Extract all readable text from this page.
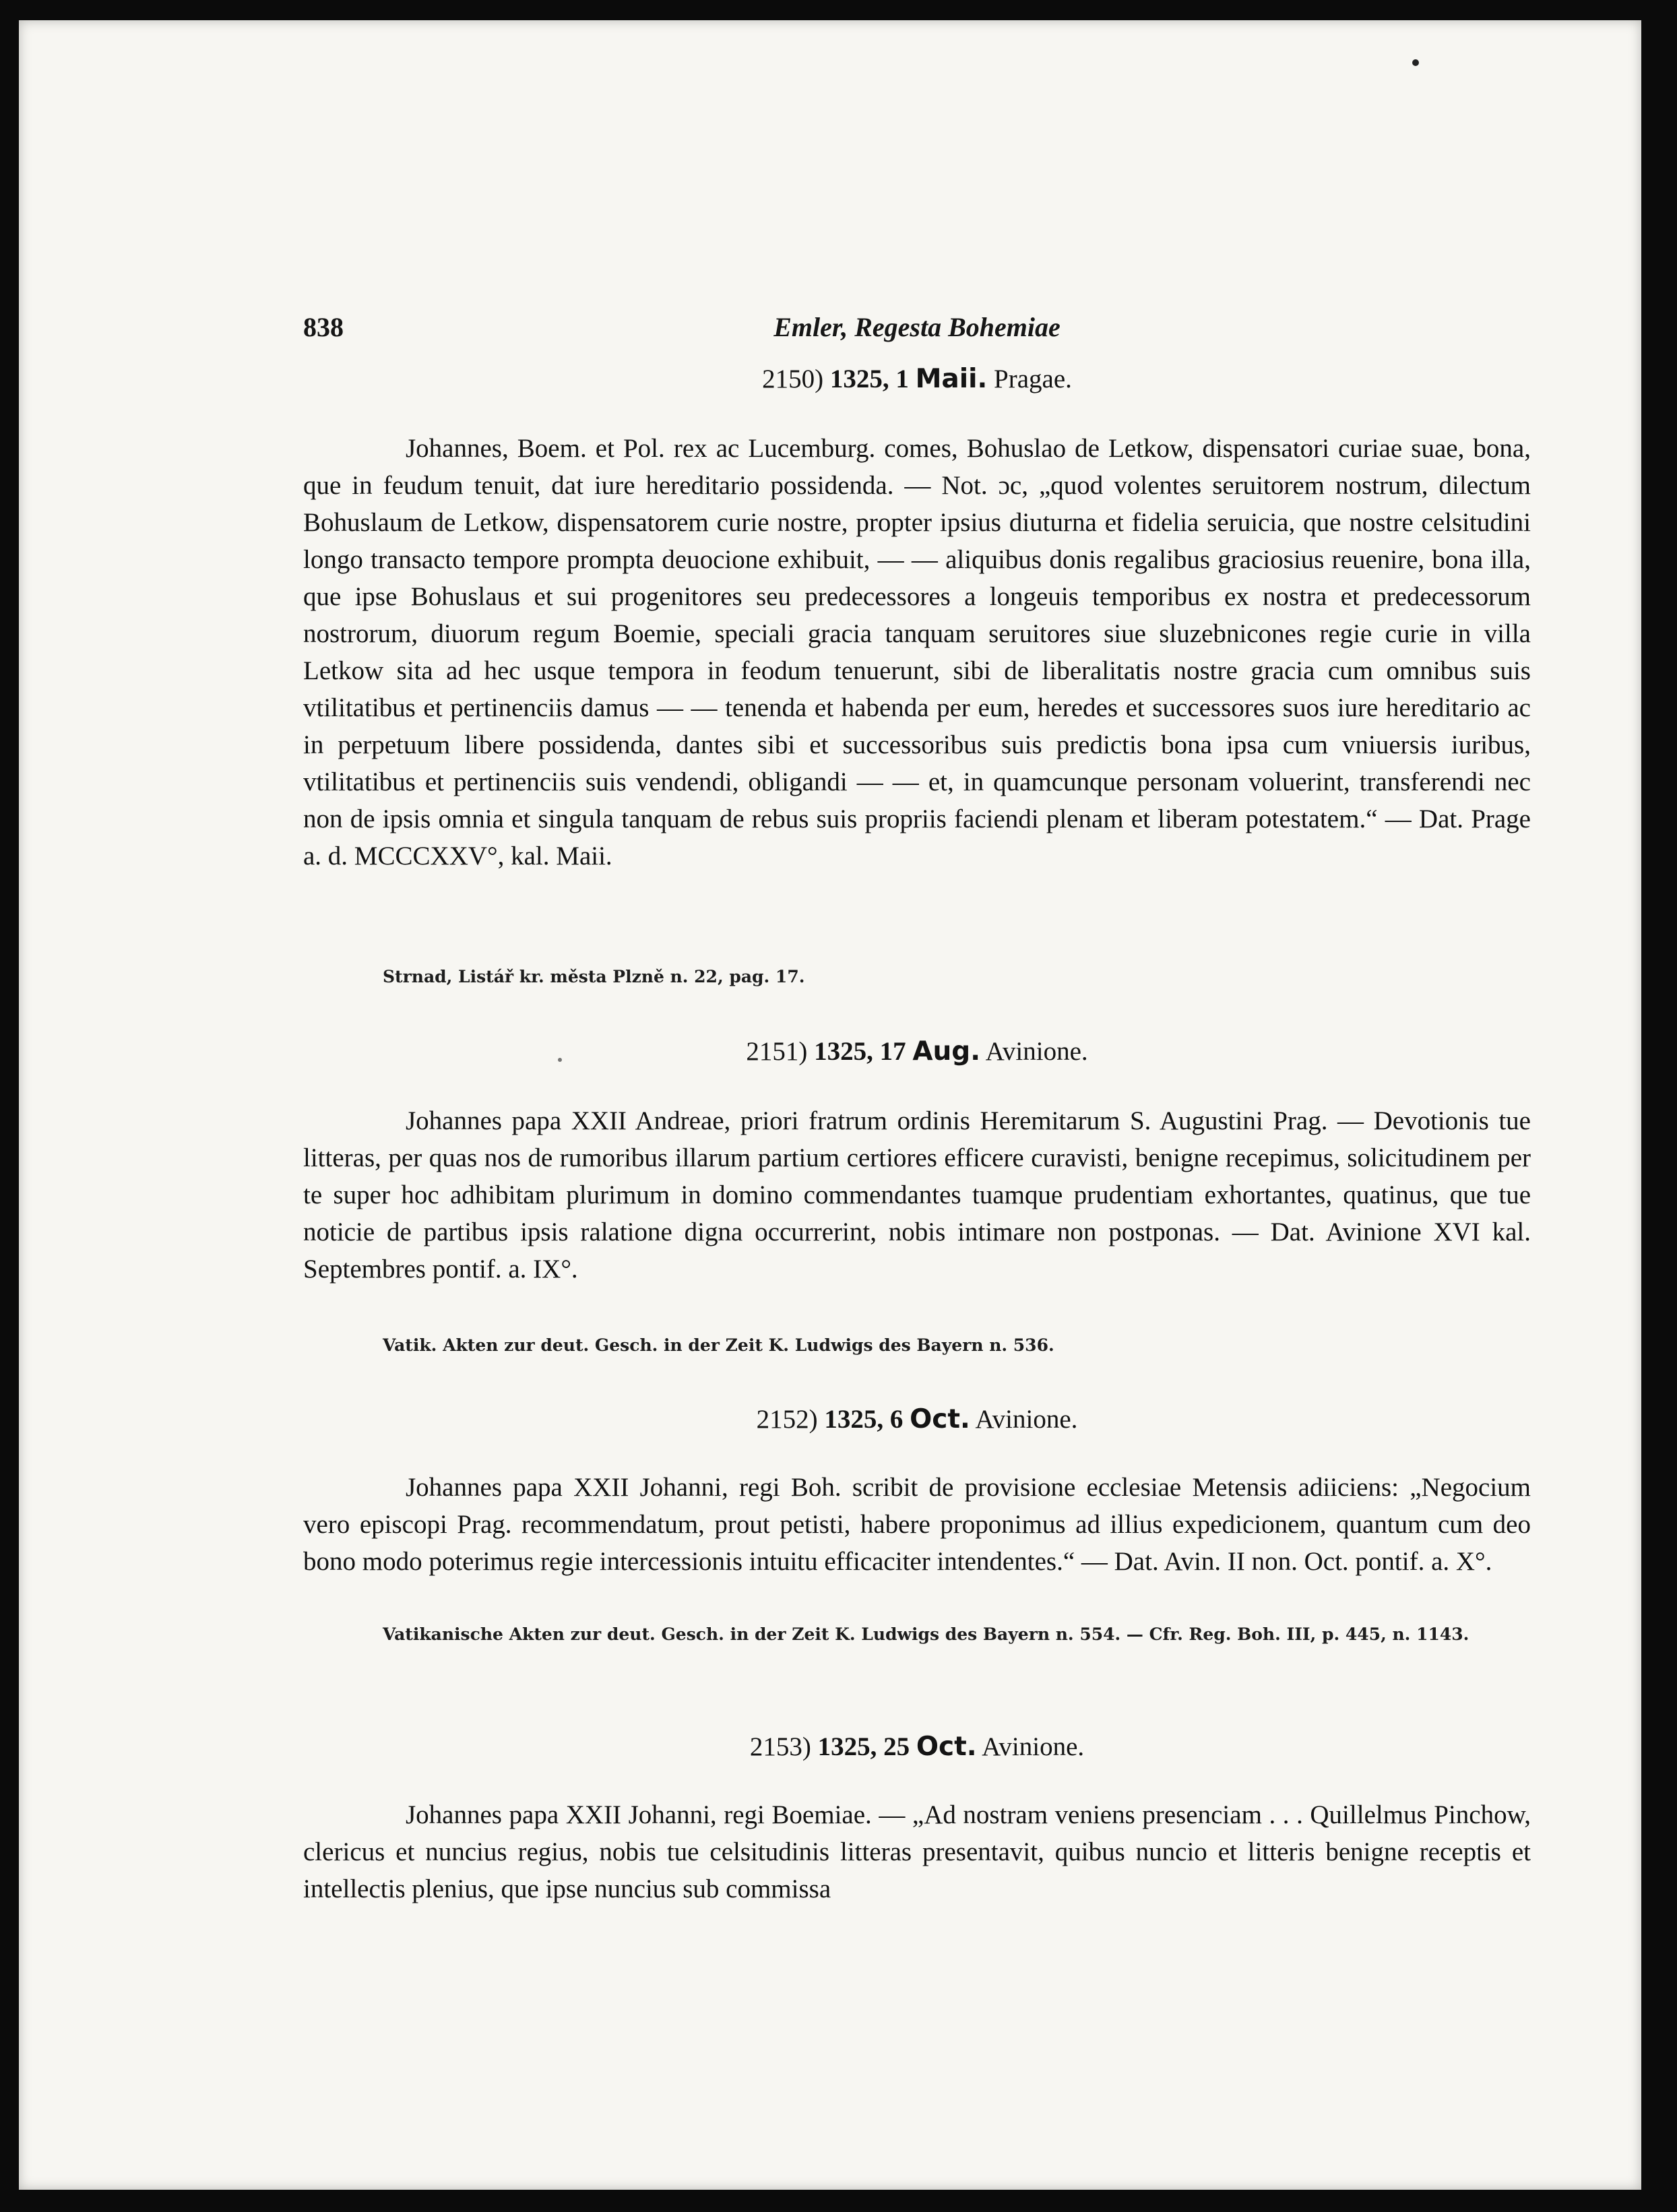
838	Emler, Regesta Bohemiae
2150) 1325, 1 Maii. Pragae.

Johannes, Boem. et Pol. rex ac Lucemburg. comes, Bohuslao de Letkow, dispensatori curiae suae, bona, que in feudum tenuit, dat iure hereditario possidenda. — Not. ɔc, „quod volentes seruitorem nostrum, dilectum Bohuslaum de Letkow, dispensatorem curie nostre, propter ipsius diuturna et fidelia seruicia, que nostre celsitudini longo transacto tempore prompta deuocione exhibuit, — — aliquibus donis regalibus graciosius reuenire, bona illa, que ipse Bohuslaus et sui progenitores seu predecessores a longeuis temporibus ex nostra et predecessorum nostrorum, diuorum regum Boemie, speciali gracia tanquam seruitores siue sluzebnicones regie curie in villa Letkow sita ad hec usque tempora in feodum tenuerunt, sibi de liberalitatis nostre gracia cum omnibus suis vtilitatibus et pertinenciis damus — — tenenda et habenda per eum, heredes et successores suos iure hereditario ac in perpetuum libere possidenda, dantes sibi et successoribus suis predictis bona ipsa cum vniuersis iuribus, vtilitatibus et pertinenciis suis vendendi, obligandi — — et, in quamcunque personam voluerint, transferendi nec non de ipsis omnia et singula tanquam de rebus suis propriis faciendi plenam et liberam potestatem.“ — Dat. Prage a. d. MCCCXXV°, kal. Maii.

Strnad, Listář kr. města Plzně n. 22, pag. 17.

2151) 1325, 17 Aug. Avinione.

Johannes papa XXII Andreae, priori fratrum ordinis Heremitarum S. Augustini Prag. — Devotionis tue litteras, per quas nos de rumoribus illarum partium certiores efficere curavisti, benigne recepimus, solicitudinem per te super hoc adhibitam plurimum in domino commendantes tuamque prudentiam exhortantes, quatinus, que tue noticie de partibus ipsis ralatione digna occurrerint, nobis intimare non postponas. — Dat. Avinione XVI kal. Septembres pontif. a. IX°.

Vatik. Akten zur deut. Gesch. in der Zeit K. Ludwigs des Bayern n. 536.

2152) 1325, 6 Oct. Avinione.

Johannes papa XXII Johanni, regi Boh. scribit de provisione ecclesiae Metensis adiiciens: „Negocium vero episcopi Prag. recommendatum, prout petisti, habere proponimus ad illius expedicionem, quantum cum deo bono modo poterimus regie intercessionis intuitu efficaciter intendentes.“ — Dat. Avin. II non. Oct. pontif. a. X°.

Vatikanische Akten zur deut. Gesch. in der Zeit K. Ludwigs des Bayern n. 554. — Cfr. Reg. Boh. III, p. 445, n. 1143.

2153) 1325, 25 Oct. Avinione.

Johannes papa XXII Johanni, regi Boemiae. — „Ad nostram veniens presenciam . . . Quillelmus Pinchow, clericus et nuncius regius, nobis tue celsitudinis litteras presentavit, quibus nuncio et litteris benigne receptis et intellectis plenius, que ipse nuncius sub commissa
